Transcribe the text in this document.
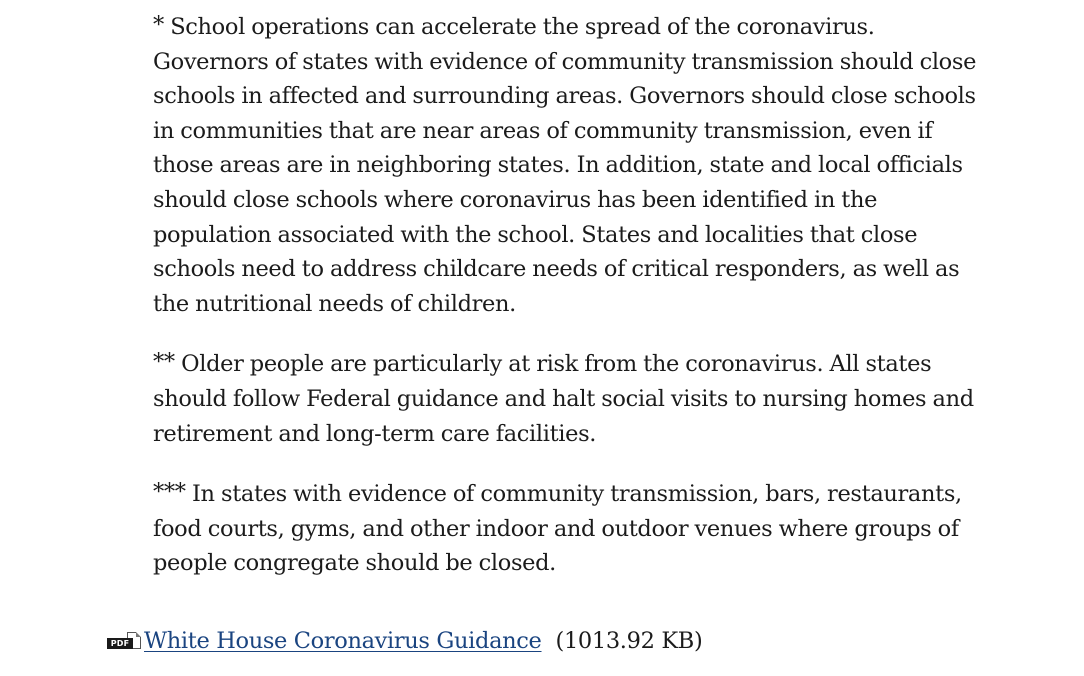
* School operations can accelerate the spread of the coronavirus. Governors of states with evidence of community transmission should close schools in affected and surrounding areas. Governors should close schools in communities that are near areas of community transmission, even if those areas are in neighboring states. In addition, state and local officials should close schools where coronavirus has been identified in the population associated with the school. States and localities that close schools need to address childcare needs of critical responders, as well as the nutritional needs of children.

** Older people are particularly at risk from the coronavirus. All states should follow Federal guidance and halt social visits to nursing homes and retirement and long-term care facilities.

*** In states with evidence of community transmission, bars, restaurants, food courts, gyms, and other indoor and outdoor venues where groups of people congregate should be closed.

PDF White House Coronavirus Guidance (1013.92 KB)
